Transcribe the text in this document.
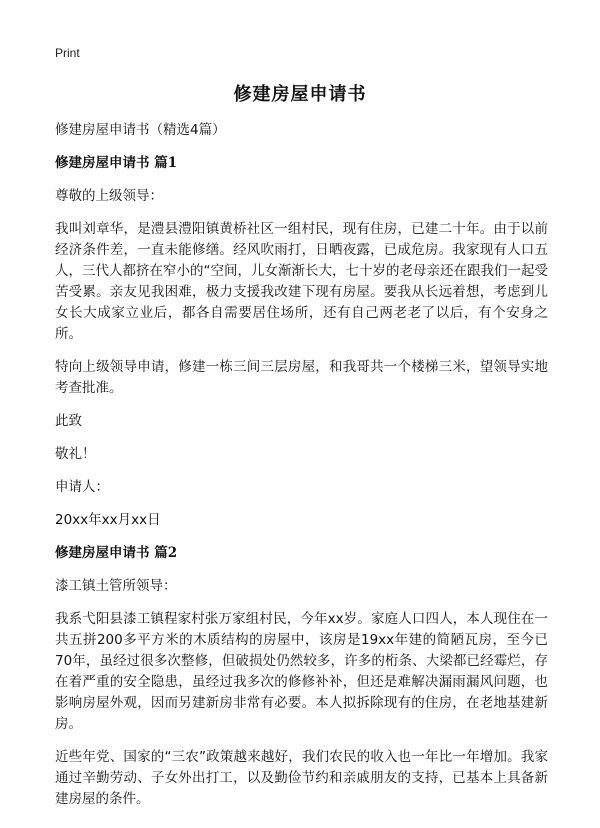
Print
修建房屋申请书

修建房屋申请书（精选4篇）

修建房屋申请书 篇1

尊敬的上级领导：

我叫刘章华，是澧县澧阳镇黄桥社区一组村民，现有住房，已建二十年。由于以前经济条件差，一直未能修缮。经风吹雨打，日晒夜露，已成危房。我家现有人口五人，三代人都挤在窄小的“空间，儿女渐渐长大，七十岁的老母亲还在跟我们一起受苦受累。亲友见我困难，极力支援我改建下现有房屋。要我从长远着想，考虑到儿女长大成家立业后，都各自需要居住场所，还有自己两老老了以后，有个安身之所。

特向上级领导申请，修建一栋三间三层房屋，和我哥共一个楼梯三米，望领导实地考查批准。

此致

敬礼！

申请人：

20xx年xx月xx日

修建房屋申请书 篇2

漆工镇土管所领导：

我系弋阳县漆工镇程家村张万家组村民，今年xx岁。家庭人口四人，本人现住在一共五拼200多平方米的木质结构的房屋中，该房是19xx年建的简陋瓦房，至今已70年，虽经过很多次整修，但破损处仍然较多，许多的桁条、大梁都已经霉烂，存在着严重的安全隐患，虽经过我多次的修修补补，但还是难解决漏雨漏风问题，也影响房屋外观，因而另建新房非常有必要。本人拟拆除现有的住房，在老地基建新房。

近些年党、国家的“三农”政策越来越好，我们农民的收入也一年比一年增加。我家通过辛勤劳动、子女外出打工，以及勤俭节约和亲戚朋友的支持，已基本上具备新建房屋的条件。
